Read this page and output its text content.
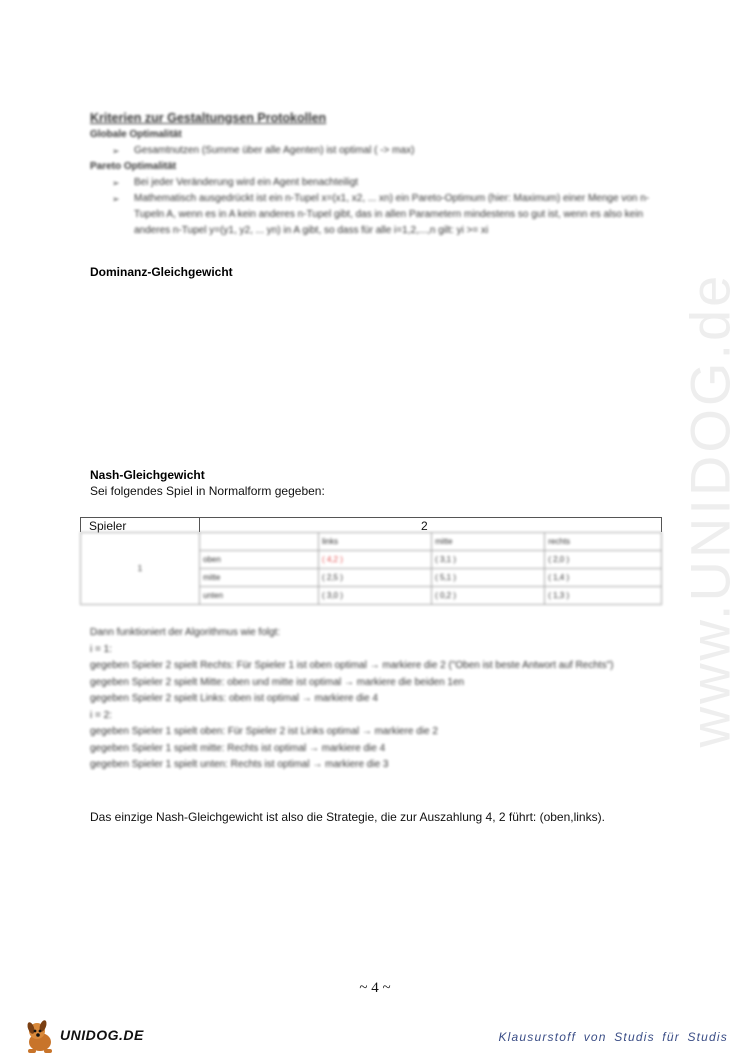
www.UNIDOG.de
Kriterien zur Gestaltungsen Protokollen
Globale Optimalität
➢ Gesamtnutzen (Summe über alle Agenten) ist optimal ( -> max)
Pareto Optimalität
➢ Bei jeder Veränderung wird ein Agent benachteiligt
➢ Mathematisch ausgedrückt ist ein n-Tupel x=(x1, x2, ... xn) ein Pareto-Optimum (hier: Maximum) einer Menge von n-Tupeln A, wenn es in A kein anderes n-Tupel gibt, das in allen Parametern mindestens so gut ist, wenn es also kein anderes n-Tupel y=(y1, y2, ... yn) in A gibt, so dass für alle i=1,2,...,n gilt: yi >= xi
Dominanz-Gleichgewicht
Nash-Gleichgewicht
Sei folgendes Spiel in Normalform gegeben:
Spieler	2
1		links	mitte	rechts
	oben	( 4,2 )	( 3,1 )	( 2,0 )
	mitte	( 2,5 )	( 5,1 )	( 1,4 )
	unten	( 3,0 )	( 0,2 )	( 1,3 )
Dann funktioniert der Algorithmus wie folgt:
i = 1:
gegeben Spieler 2 spielt Rechts: Für Spieler 1 ist oben optimal → markiere die 2 ("Oben ist beste Antwort auf Rechts")
gegeben Spieler 2 spielt Mitte: oben und mitte ist optimal → markiere die beiden 1en
gegeben Spieler 2 spielt Links: oben ist optimal → markiere die 4
i = 2:
gegeben Spieler 1 spielt oben: Für Spieler 2 ist Links optimal → markiere die 2
gegeben Spieler 1 spielt mitte: Rechts ist optimal → markiere die 4
gegeben Spieler 1 spielt unten: Rechts ist optimal → markiere die 3
Das einzige Nash-Gleichgewicht ist also die Strategie, die zur Auszahlung 4, 2 führt: (oben,links).
~ 4 ~
UNIDOG.DE	Klausurstoff von Studis für Studis
